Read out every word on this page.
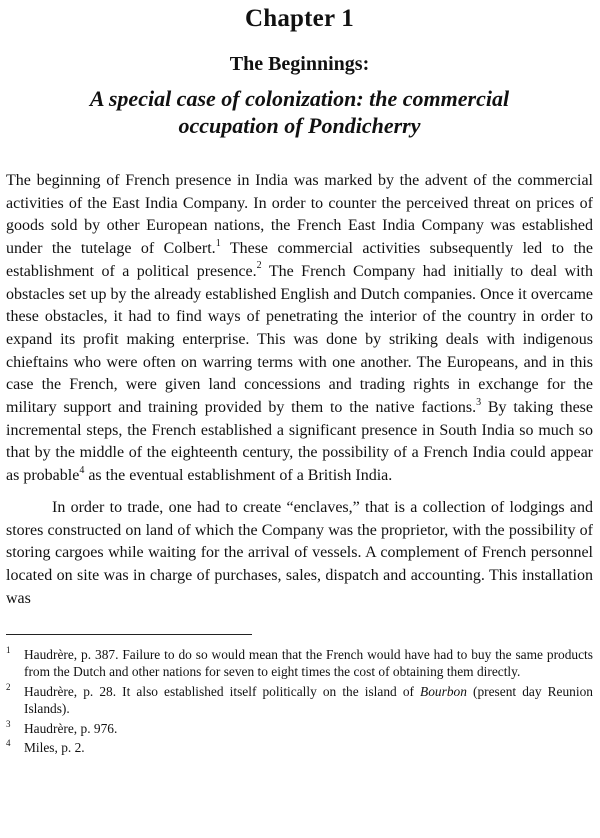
Chapter 1
The Beginnings:
A special case of colonization: the commercial
occupation of Pondicherry

The beginning of French presence in India was marked by the advent of the commercial activities of the East India Company. In order to counter the perceived threat on prices of goods sold by other European nations, the French East India Company was established under the tutelage of Colbert.$^1$ These commercial activities subsequently led to the establishment of a political presence.$^2$ The French Company had initially to deal with obstacles set up by the already established English and Dutch companies. Once it overcame these obstacles, it had to find ways of penetrating the interior of the country in order to expand its profit making enterprise. This was done by striking deals with indigenous chieftains who were often on warring terms with one another. The Europeans, and in this case the French, were given land concessions and trading rights in exchange for the military support and training provided by them to the native factions.$^3$ By taking these incremental steps, the French established a significant presence in South India so much so that by the middle of the eighteenth century, the possibility of a French India could appear as probable$^4$ as the eventual establishment of a British India.

In order to trade, one had to create “enclaves,” that is a collection of lodgings and stores constructed on land of which the Company was the proprietor, with the possibility of storing cargoes while waiting for the arrival of vessels. A complement of French personnel located on site was in charge of purchases, sales, dispatch and accounting. This installation was

1 Haudrère, p. 387. Failure to do so would mean that the French would have had to buy the same products from the Dutch and other nations for seven to eight times the cost of obtaining them directly.
2 Haudrère, p. 28. It also established itself politically on the island of Bourbon (present day Reunion Islands).
3 Haudrère, p. 976.
4 Miles, p. 2.
